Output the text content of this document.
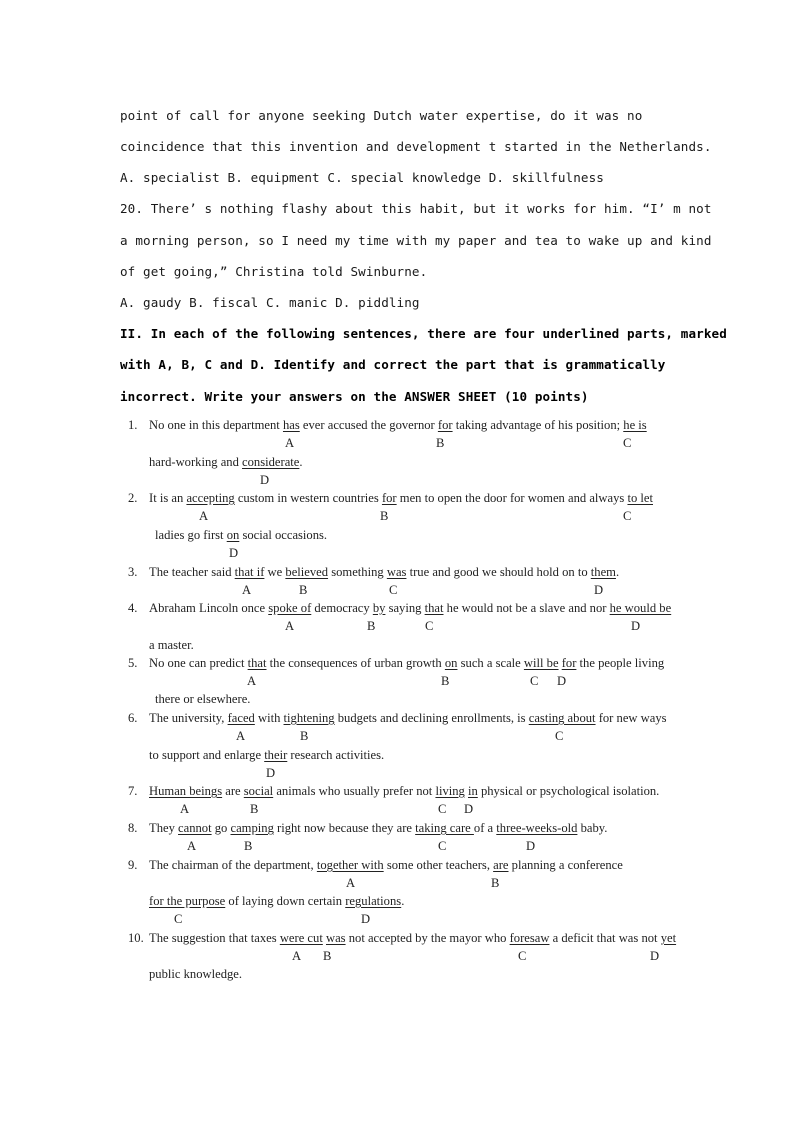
point of call for anyone seeking Dutch water expertise, do it was no
coincidence that this invention and development t started in the Netherlands.
A. specialist B. equipment C. special knowledge D. skillfulness
20. There’ s nothing flashy about this habit, but it works for him. “I’ m not
a morning person, so I need my time with my paper and tea to wake up and kind
of get going,” Christina told Swinburne.
A. gaudy B. fiscal C. manic D. piddling
II. In each of the following sentences, there are four underlined parts, marked
with A, B, C and D. Identify and correct the part that is grammatically
incorrect. Write your answers on the ANSWER SHEET (10 points)
1. No one in this department has ever accused the governor for taking advantage of his position; he is
hard-working and considerate.
A	B	C
D
2. It is an accepting custom in western countries for men to open the door for women and always to let
ladies go first on social occasions.
A	B	C
D
3. The teacher said that if we believed something was true and good we should hold on to them.
A	B	C	D
4. Abraham Lincoln once spoke of democracy by saying that he would not be a slave and nor he would be
a master.
A	B	C	D
5. No one can predict that the consequences of urban growth on such a scale will be for the people living
there or elsewhere.
A	B	C D
6. The university, faced with tightening budgets and declining enrollments, is casting about for new ways
to support and enlarge their research activities.
A	B	C
D
7. Human beings are social animals who usually prefer not living in physical or psychological isolation.
A	B	C D
8. They cannot go camping right now because they are taking care of a three-weeks-old baby.
A	B	C	D
9. The chairman of the department, together with some other teachers, are planning a conference
for the purpose of laying down certain regulations.
A	B
C	D
10. The suggestion that taxes were cut was not accepted by the mayor who foresaw a deficit that was not yet
public knowledge.
A B	C	D
